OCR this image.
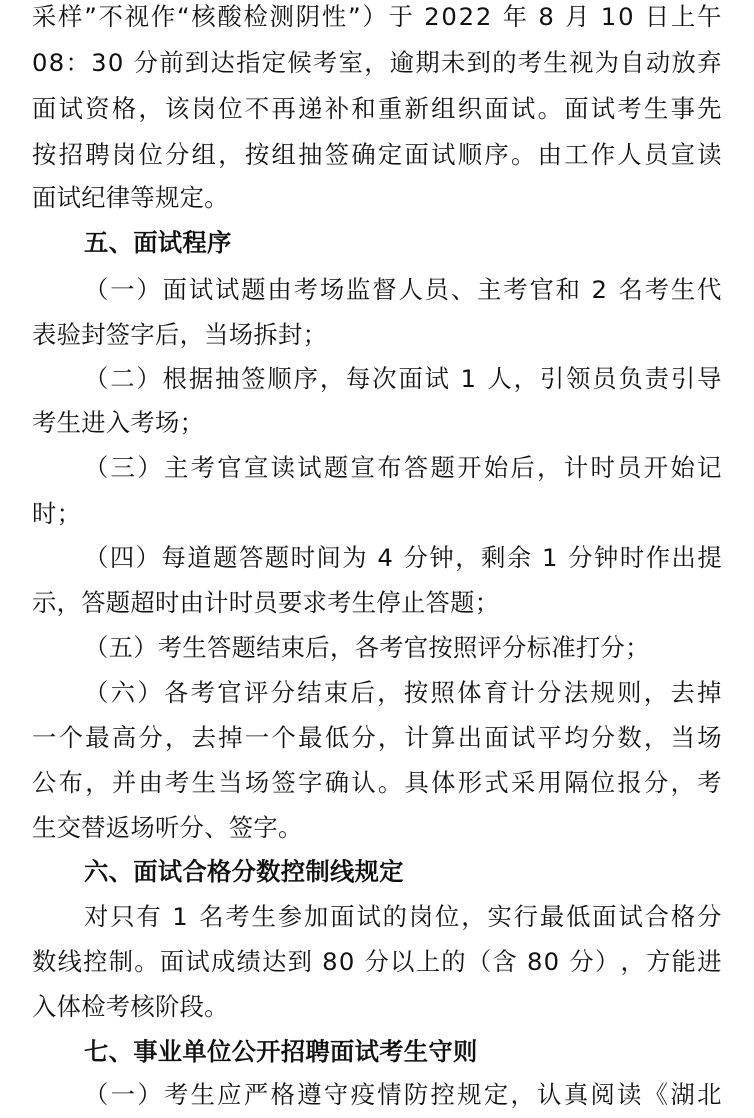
采 样 ” 不 视 作 “ 核 酸 检 测 阴 性 ” ） 于
2 0 2 2
年
8
月
1 0
日 上 午
0 8 ： 3 0
分 前 到 达 指 定 候 考 室 ， 逾 期 未 到 的 考 生 视 为 自 动 放 弃
面 试 资 格 ， 该 岗 位 不 再 递 补 和 重 新 组 织 面 试 。 面 试 考 生 事 先
按 招 聘 岗 位 分 组 ， 按 组 抽 签 确 定 面 试 顺 序 。 由 工 作 人 员 宣 读
面试纪律等规定。
五、面试程序
（ 一 ） 面 试 试 题 由 考 场 监 督 人 员 、 主 考 官 和
2
名 考 生 代
表验封签字后，当场拆封；
（ 二 ） 根 据 抽 签 顺 序 ， 每 次 面 试
1
人 ， 引 领 员 负 责 引 导
考生进入考场；
（ 三 ） 主 考 官 宣 读 试 题 宣 布 答 题 开 始 后 ， 计 时 员 开 始 记
时；
（ 四 ） 每 道 题 答 题 时 间 为
4
分 钟 ， 剩 余
1
分 钟 时 作 出 提
示，答题超时由计时员要求考生停止答题；
（五）考生答题结束后，各考官按照评分标准打分；
（ 六 ） 各 考 官 评 分 结 束 后 ， 按 照 体 育 计 分 法 规 则 ， 去 掉
一 个 最 高 分 ， 去 掉 一 个 最 低 分 ， 计 算 出 面 试 平 均 分 数 ， 当 场
公 布 ， 并 由 考 生 当 场 签 字 确 认 。 具 体 形 式 采 用 隔 位 报 分 ， 考
生交替返场听分、签字。
六、面试合格分数控制线规定
对 只 有
1
名 考 生 参 加 面 试 的 岗 位 ， 实 行 最 低 面 试 合 格 分
数 线 控 制 。 面 试 成 绩 达 到
8 0
分 以 上 的 （ 含
8 0
分 ） ， 方 能 进
入体检考核阶段。
七、事业单位公开招聘面试考生守则
（ 一 ） 考 生 应 严 格 遵 守 疫 情 防 控 规 定 ， 认 真 阅 读 《 湖 北
